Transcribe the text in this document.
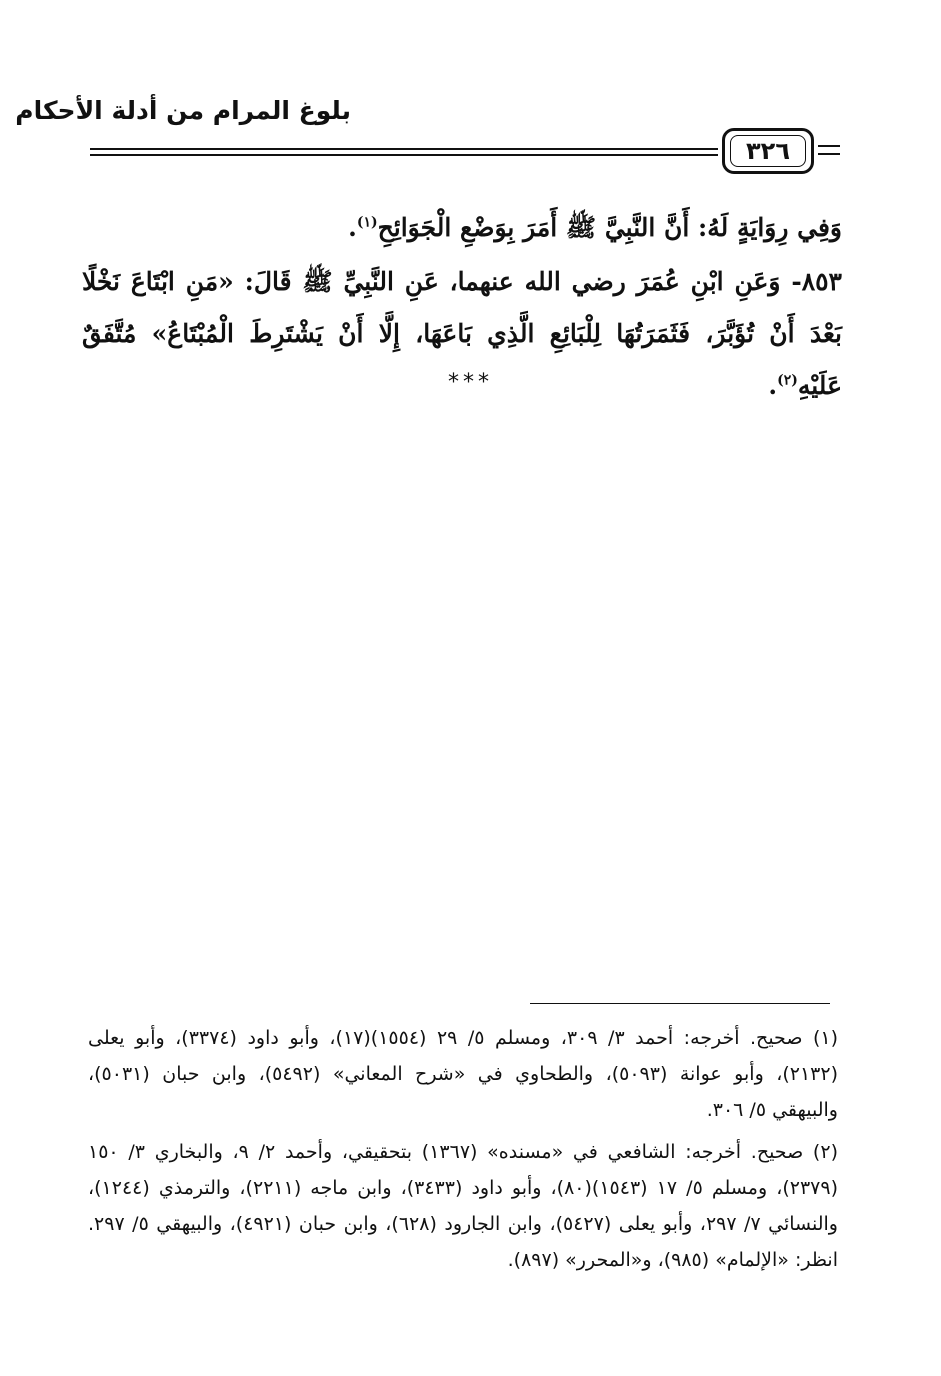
بلوغ المرام من أدلة الأحكام
٣٢٦
وَفِي رِوَايَةٍ لَهُ: أَنَّ النَّبِيَّ ﷺ أَمَرَ بِوَضْعِ الْجَوَائِحِ$^{(١)}$.
٨٥٣- وَعَنِ ابْنِ عُمَرَ رضي الله عنهما، عَنِ النَّبِيِّ ﷺ قَالَ: «مَنِ ابْتَاعَ نَخْلًا بَعْدَ أَنْ تُؤَبَّرَ، فَثَمَرَتُهَا لِلْبَائِعِ الَّذِي بَاعَهَا، إِلَّا أَنْ يَشْتَرِطَ الْمُبْتَاعُ» مُتَّفَقٌ عَلَيْهِ$^{(٢)}$.
***

(١) صحيح. أخرجه: أحمد ٣/ ٣٠٩، ومسلم ٥/ ٢٩ (١٥٥٤)(١٧)، وأبو داود (٣٣٧٤)، وأبو يعلى (٢١٣٢)، وأبو عوانة (٥٠٩٣)، والطحاوي في «شرح المعاني» (٥٤٩٢)، وابن حبان (٥٠٣١)، والبيهقي ٥/ ٣٠٦.

(٢) صحيح. أخرجه: الشافعي في «مسنده» (١٣٦٧) بتحقيقي، وأحمد ٢/ ٩، والبخاري ٣/ ١٥٠ (٢٣٧٩)، ومسلم ٥/ ١٧ (١٥٤٣)(٨٠)، وأبو داود (٣٤٣٣)، وابن ماجه (٢٢١١)، والترمذي (١٢٤٤)، والنسائي ٧/ ٢٩٧، وأبو يعلى (٥٤٢٧)، وابن الجارود (٦٢٨)، وابن حبان (٤٩٢١)، والبيهقي ٥/ ٢٩٧. انظر: «الإلمام» (٩٨٥)، و«المحرر» (٨٩٧).
